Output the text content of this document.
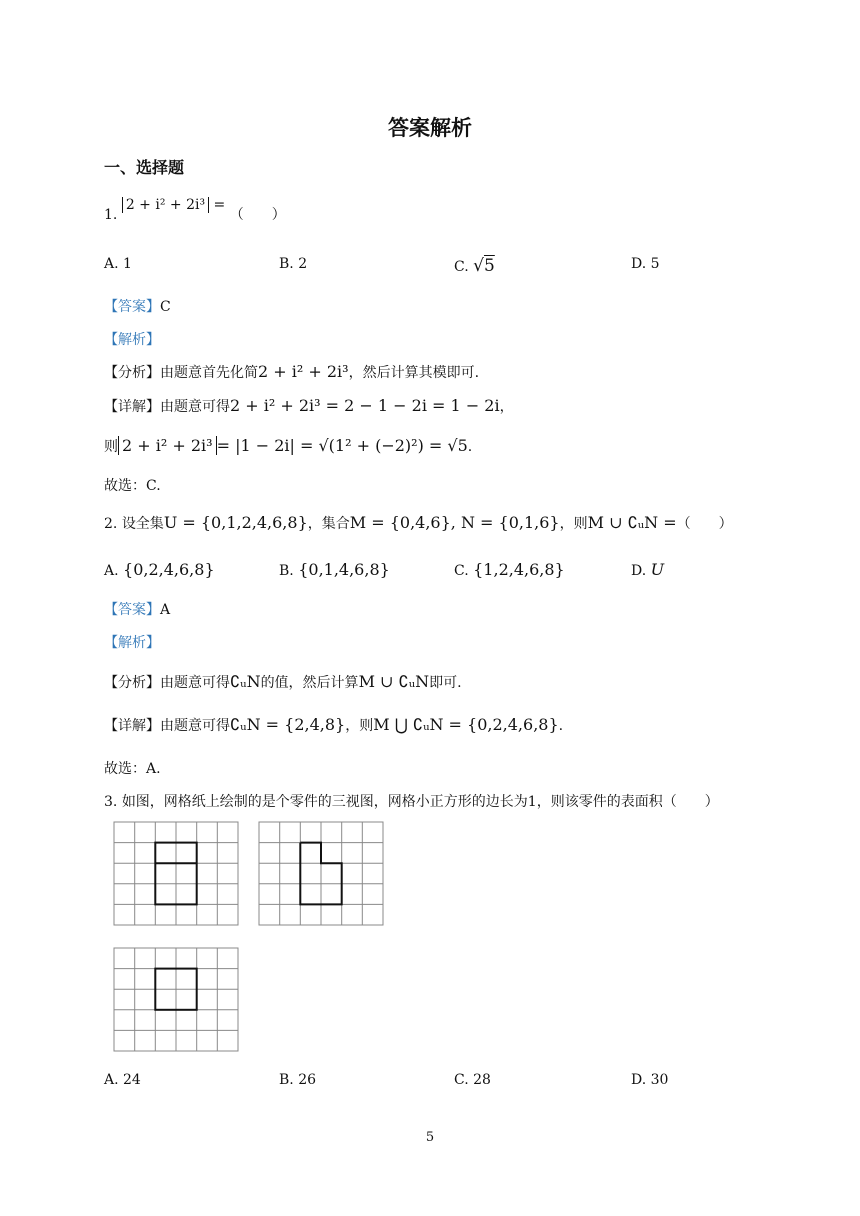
答案解析
一、选择题
1. 2 + i² + 2i³ = （　　）
A. 1	B. 2	C. √5	D. 5
【答案】C
【解析】
【分析】由题意首先化简2 + i² + 2i³，然后计算其模即可.
【详解】由题意可得2 + i² + 2i³ = 2 − 1 − 2i = 1 − 2i，
则 2 + i² + 2i³ = |1 − 2i| = √(1² + (−2)²) = √5.
故选：C.
2. 设全集U = {0,1,2,4,6,8}，集合M = {0,4,6}, N = {0,1,6}，则M ∪ ∁ᵤN =（　　）
A. {0,2,4,6,8}	B. {0,1,4,6,8}	C. {1,2,4,6,8}	D. U
【答案】A
【解析】
【分析】由题意可得∁ᵤN的值，然后计算M ∪ ∁ᵤN即可.
【详解】由题意可得∁ᵤN = {2,4,8}，则M ⋃ ∁ᵤN = {0,2,4,6,8}.
故选：A.
3. 如图，网格纸上绘制的是个零件的三视图，网格小正方形的边长为1，则该零件的表面积（　　）
A. 24	B. 26	C. 28	D. 30
5
